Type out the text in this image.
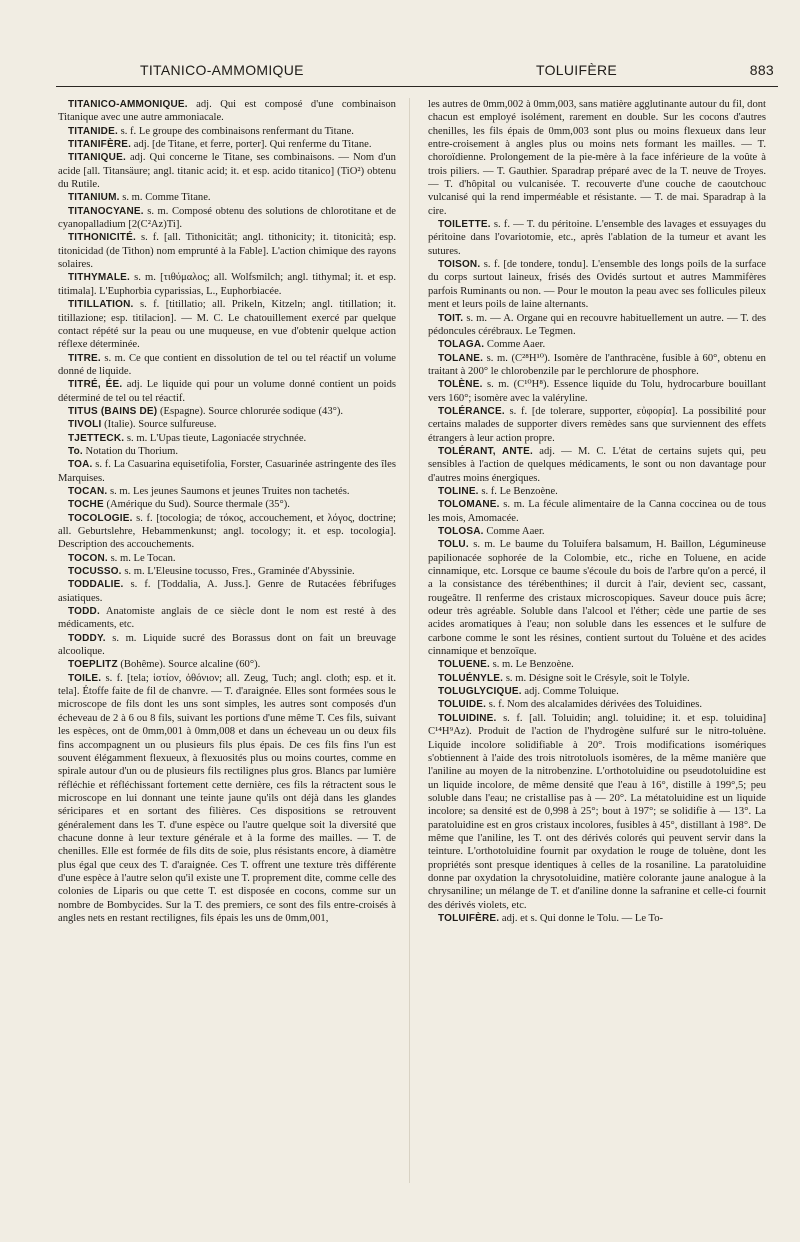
TITANICO-AMMOMIQUE	TOLUIFÈRE	883

TITANICO-AMMONIQUE. adj. Qui est composé d'une combinaison Titanique avec une autre ammoniacale.

TITANIDE. s. f. Le groupe des combinaisons renfermant du Titane.

TITANIFÈRE. adj. [de Titane, et ferre, porter]. Qui renferme du Titane.

TITANIQUE. adj. Qui concerne le Titane, ses combinaisons. — Nom d'un acide [all. Titansäure; angl. titanic acid; it. et esp. acido titanico] (TiO²) obtenu du Rutile.

TITANIUM. s. m. Comme Titane.

TITANOCYANE. s. m. Composé obtenu des solutions de chlorotitane et de cyanopalladium [2(C²Az)Ti].

TITHONICITÉ. s. f. [all. Tithonicität; angl. tithonicity; it. titonicità; esp. titonicidad (de Tithon) nom emprunté à la Fable]. L'action chimique des rayons solaires.

TITHYMALE. s. m. [τιθύμαλος; all. Wolfsmilch; angl. tithymal; it. et esp. titimala]. L'Euphorbia cyparissias, L., Euphorbiacée.

TITILLATION. s. f. [titillatio; all. Prikeln, Kitzeln; angl. titillation; it. titillazione; esp. titilacion]. — M. C. Le chatouillement exercé par quelque contact répété sur la peau ou une muqueuse, en vue d'obtenir quelque action réflexe déterminée.

TITRE. s. m. Ce que contient en dissolution de tel ou tel réactif un volume donné de liquide.

TITRÉ, ÉE. adj. Le liquide qui pour un volume donné contient un poids déterminé de tel ou tel réactif.

TITUS (BAINS DE) (Espagne). Source chlorurée sodique (43°).

TIVOLI (Italie). Source sulfureuse.

TJETTECK. s. m. L'Upas tieute, Lagoniacée strychnée.

To. Notation du Thorium.

TOA. s. f. La Casuarina equisetifolia, Forster, Casuarinée astringente des îles Marquises.

TOCAN. s. m. Les jeunes Saumons et jeunes Truites non tachetés.

TOCHE (Amérique du Sud). Source thermale (35°).

TOCOLOGIE. s. f. [tocologia; de τόκος, accouchement, et λόγος, doctrine; all. Geburtslehre, Hebammenkunst; angl. tocology; it. et esp. tocologia]. Description des accouchements.

TOCON. s. m. Le Tocan.

TOCUSSO. s. m. L'Eleusine tocusso, Fres., Graminée d'Abyssinie.

TODDALIE. s. f. [Toddalia, A. Juss.]. Genre de Rutacées fébrifuges asiatiques.

TODD. Anatomiste anglais de ce siècle dont le nom est resté à des médicaments, etc.

TODDY. s. m. Liquide sucré des Borassus dont on fait un breuvage alcoolique.

TOEPLITZ (Bohême). Source alcaline (60°).

TOILE. s. f. [tela; ἱστίον, ὀθόνιον; all. Zeug, Tuch; angl. cloth; esp. et it. tela]. Étoffe faite de fil de chanvre. — T. d'araignée. Elles sont formées sous le microscope de fils dont les uns sont simples, les autres sont composés d'un écheveau de 2 à 6 ou 8 fils, suivant les portions d'une même T. Ces fils, suivant les espèces, ont de 0mm,001 à 0mm,008 et dans un écheveau un ou deux fils fins accompagnent un ou plusieurs fils plus épais. De ces fils fins l'un est souvent élégamment flexueux, à flexuosités plus ou moins courtes, comme en spirale autour d'un ou de plusieurs fils rectilignes plus gros. Blancs par lumière réfléchie et réfléchissant fortement cette dernière, ces fils la rétractent sous le microscope en lui donnant une teinte jaune qu'ils ont déjà dans les glandes séricipares et en sortant des filières. Ces dispositions se retrouvent généralement dans les T. d'une espèce ou l'autre quelque soit la diversité que chacune donne à leur texture générale et à la forme des mailles. — T. de chenilles. Elle est formée de fils dits de soie, plus résistants encore, à diamètre plus égal que ceux des T. d'araignée. Ces T. offrent une texture très différente d'une espèce à l'autre selon qu'il existe une T. proprement dite, comme celle des colonies de Liparis ou que cette T. est disposée en cocons, comme sur un nombre de Bombycides. Sur la T. des premiers, ce sont des fils entre-croisés à angles nets en restant rectilignes, fils épais les uns de 0mm,001,

les autres de 0mm,002 à 0mm,003, sans matière agglutinante autour du fil, dont chacun est employé isolément, rarement en double. Sur les cocons d'autres chenilles, les fils épais de 0mm,003 sont plus ou moins flexueux dans leur entre-croisement à angles plus ou moins nets formant les mailles. — T. choroïdienne. Prolongement de la pie-mère à la face inférieure de la voûte à trois piliers. — T. Gauthier. Sparadrap préparé avec de la T. neuve de Troyes. — T. d'hôpital ou vulcanisée. T. recouverte d'une couche de caoutchouc vulcanisé qui la rend imperméable et résistante. — T. de mai. Sparadrap à la cire.

TOILETTE. s. f. — T. du péritoine. L'ensemble des lavages et essuyages du péritoine dans l'ovariotomie, etc., après l'ablation de la tumeur et avant les sutures.

TOISON. s. f. [de tondere, tondu]. L'ensemble des longs poils de la surface du corps surtout laineux, frisés des Ovidés surtout et autres Mammifères parfois Ruminants ou non. — Pour le mouton la peau avec ses follicules pileux ment et leurs poils de laine alternants.

TOIT. s. m. — A. Organe qui en recouvre habituellement un autre. — T. des pédoncules cérébraux. Le Tegmen.

TOLAGA. Comme Aaer.

TOLANE. s. m. (C²⁸H¹⁰). Isomère de l'anthracène, fusible à 60°, obtenu en traitant à 200° le chlorobenzile par le perchlorure de phosphore.

TOLÈNE. s. m. (C¹⁰H⁸). Essence liquide du Tolu, hydrocarbure bouillant vers 160°; isomère avec la valéryline.

TOLÉRANCE. s. f. [de tolerare, supporter, εὐφορία]. La possibilité pour certains malades de supporter divers remèdes sans que surviennent des effets étrangers à leur action propre.

TOLÉRANT, ANTE. adj. — M. C. L'état de certains sujets qui, peu sensibles à l'action de quelques médicaments, le sont ou non davantage pour d'autres moins énergiques.

TOLINE. s. f. Le Benzoène.

TOLOMANE. s. m. La fécule alimentaire de la Canna coccinea ou de tous les mois, Amomacée.

TOLOSA. Comme Aaer.

TOLU. s. m. Le baume du Toluifera balsamum, H. Baillon, Légumineuse papilionacée sophorée de la Colombie, etc., riche en Toluene, en acide cinnamique, etc. Lorsque ce baume s'écoule du bois de l'arbre qu'on a percé, il a la consistance des térébenthines; il durcit à l'air, devient sec, cassant, rougeâtre. Il renferme des cristaux microscopiques. Saveur douce puis âcre; odeur très agréable. Soluble dans l'alcool et l'éther; cède une partie de ses acides aromatiques à l'eau; non soluble dans les essences et le sulfure de carbone comme le sont les résines, contient surtout du Toluène et des acides cinnamique et benzoïque.

TOLUENE. s. m. Le Benzoène.

TOLUÉNYLE. s. m. Désigne soit le Crésyle, soit le Tolyle.

TOLUGLYCIQUE. adj. Comme Toluique.

TOLUIDE. s. f. Nom des alcalamides dérivées des Toluidines.

TOLUIDINE. s. f. [all. Toluidin; angl. toluidine; it. et esp. toluidina] C¹⁴H⁹Az). Produit de l'action de l'hydrogène sulfuré sur le nitro-toluène. Liquide incolore solidifiable à 20°. Trois modifications isomériques s'obtiennent à l'aide des trois nitrotoluols isomères, de la même manière que l'aniline au moyen de la nitrobenzine. L'orthotoluidine ou pseudotoluidine est un liquide incolore, de même densité que l'eau à 16°, distille à 199°,5; peu soluble dans l'eau; ne cristallise pas à — 20°. La métatoluidine est un liquide incolore; sa densité est de 0,998 à 25°; bout à 197°; se solidifie à — 13°. La paratoluidine est en gros cristaux incolores, fusibles à 45°, distillant à 198°. De même que l'aniline, les T. ont des dérivés colorés qui peuvent servir dans la teinture. L'orthotoluidine fournit par oxydation le rouge de toluène, dont les propriétés sont presque identiques à celles de la rosaniline. La paratoluidine donne par oxydation la chrysotoluidine, matière colorante jaune analogue à la chrysaniline; un mélange de T. et d'aniline donne la safranine et celle-ci fournit des dérivés violets, etc.

TOLUIFÈRE. adj. et s. Qui donne le Tolu. — Le To-
